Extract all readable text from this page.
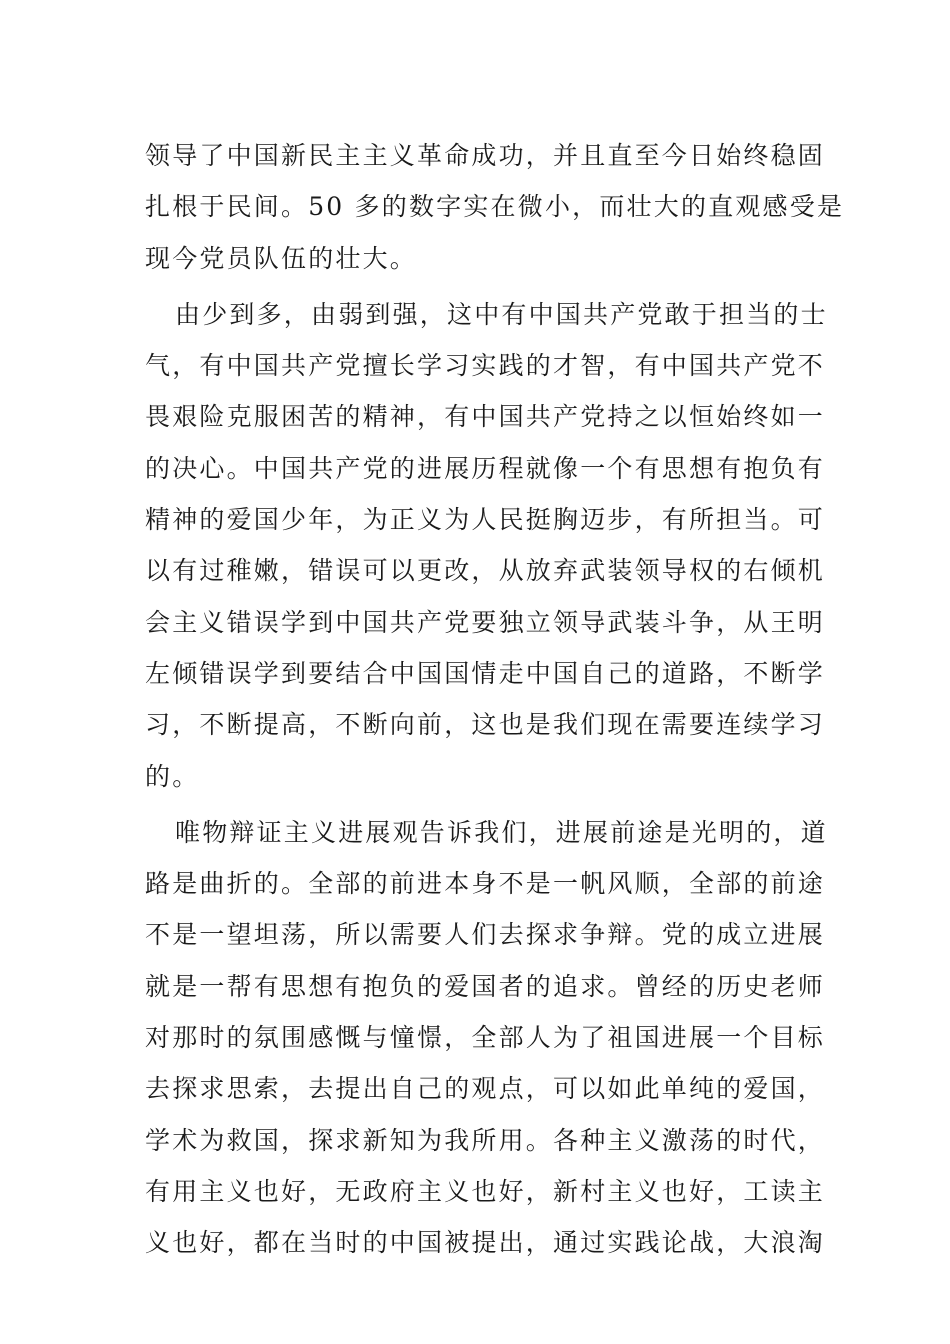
领导了中国新民主主义革命成功，并且直至今日始终稳固
扎根于民间。50 多的数字实在微小，而壮大的直观感受是
现今党员队伍的壮大。
由少到多，由弱到强，这中有中国共产党敢于担当的士
气，有中国共产党擅长学习实践的才智，有中国共产党不
畏艰险克服困苦的精神，有中国共产党持之以恒始终如一
的决心。中国共产党的进展历程就像一个有思想有抱负有
精神的爱国少年，为正义为人民挺胸迈步，有所担当。可
以有过稚嫩，错误可以更改，从放弃武装领导权的右倾机
会主义错误学到中国共产党要独立领导武装斗争，从王明
左倾错误学到要结合中国国情走中国自己的道路，不断学
习，不断提高，不断向前，这也是我们现在需要连续学习
的。
唯物辩证主义进展观告诉我们，进展前途是光明的，道
路是曲折的。全部的前进本身不是一帆风顺，全部的前途
不是一望坦荡，所以需要人们去探求争辩。党的成立进展
就是一帮有思想有抱负的爱国者的追求。曾经的历史老师
对那时的氛围感慨与憧憬，全部人为了祖国进展一个目标
去探求思索，去提出自己的观点，可以如此单纯的爱国，
学术为救国，探求新知为我所用。各种主义激荡的时代，
有用主义也好，无政府主义也好，新村主义也好，工读主
义也好，都在当时的中国被提出，通过实践论战，大浪淘
